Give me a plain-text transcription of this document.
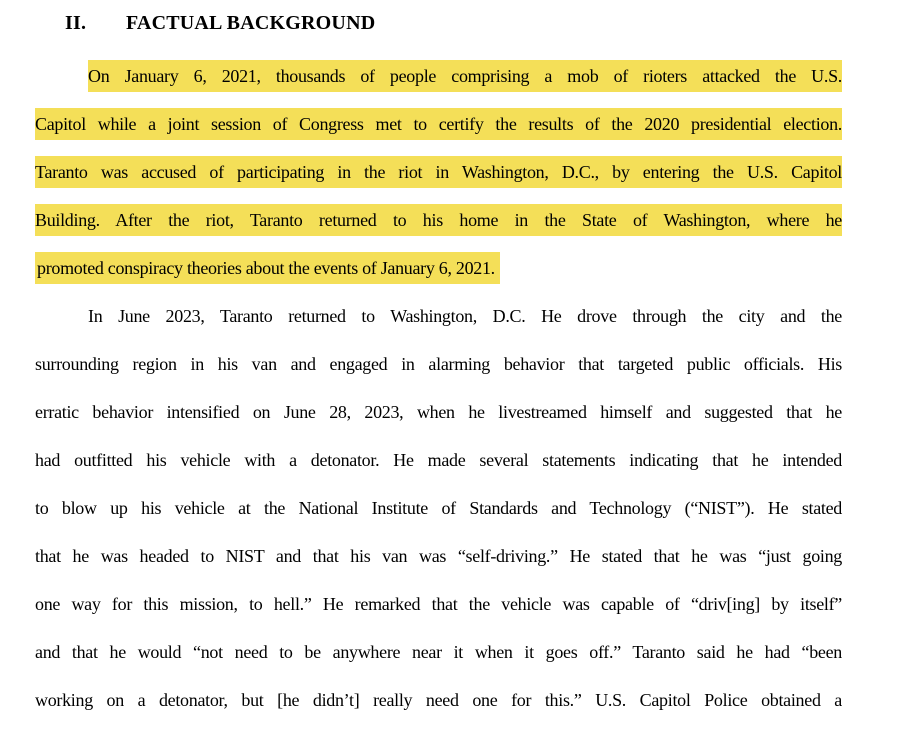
II. FACTUAL BACKGROUND
On January 6, 2021, thousands of people comprising a mob of rioters attacked the U.S.
Capitol while a joint session of Congress met to certify the results of the 2020 presidential election.
Taranto was accused of participating in the riot in Washington, D.C., by entering the U.S. Capitol
Building. After the riot, Taranto returned to his home in the State of Washington, where he
promoted conspiracy theories about the events of January 6, 2021.
In June 2023, Taranto returned to Washington, D.C. He drove through the city and the
surrounding region in his van and engaged in alarming behavior that targeted public officials. His
erratic behavior intensified on June 28, 2023, when he livestreamed himself and suggested that he
had outfitted his vehicle with a detonator. He made several statements indicating that he intended
to blow up his vehicle at the National Institute of Standards and Technology (“NIST”). He stated
that he was headed to NIST and that his van was “self-driving.” He stated that he was “just going
one way for this mission, to hell.” He remarked that the vehicle was capable of “driv[ing] by itself”
and that he would “not need to be anywhere near it when it goes off.” Taranto said he had “been
working on a detonator, but [he didn’t] really need one for this.” U.S. Capitol Police obtained a
